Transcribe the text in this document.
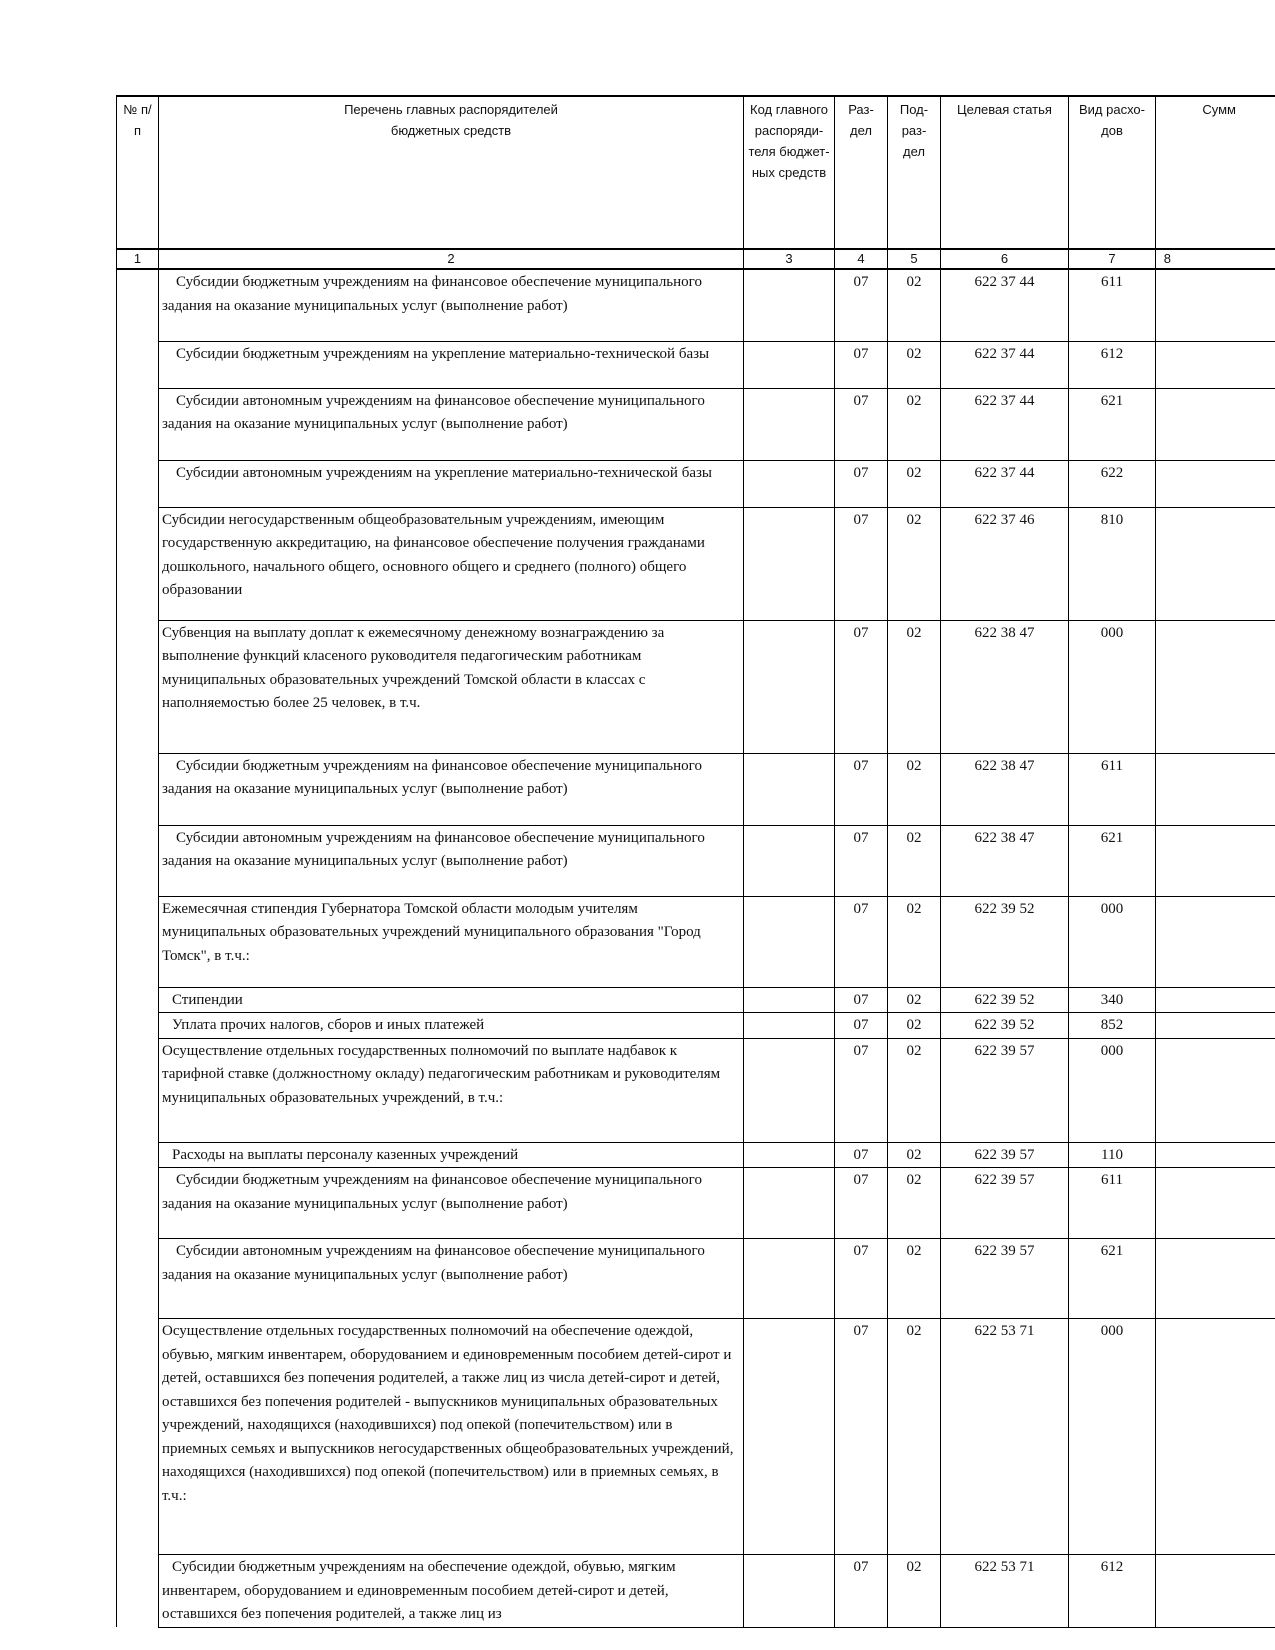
№ п/п	Перечень главных распорядителей бюджетных средств	Код главного распоряди-теля бюджет-ных средств	Раз-дел	Под-раз-дел	Целевая статья	Вид расхо-дов	Сумм

1	2	3	4	5	6	7	8
	Субсидии бюджетным учреждениям на финансовое обеспечение муниципального задания на оказание муниципальных услуг (выполнение работ)		07	02	622 37 44	611	
	Субсидии бюджетным учреждениям на укрепление материально-технической базы		07	02	622 37 44	612	
	Субсидии автономным учреждениям на финансовое обеспечение муниципального задания на оказание муниципальных услуг (выполнение работ)		07	02	622 37 44	621	
	Субсидии автономным учреждениям на укрепление материально-технической базы		07	02	622 37 44	622	
	Субсидии негосударственным общеобразовательным учреждениям, имеющим государственную аккредитацию, на финансовое обеспечение получения гражданами дошкольного, начального общего, основного общего и среднего (полного) общего образовании		07	02	622 37 46	810	
	Субвенция на выплату доплат к ежемесячному денежному вознаграждению за выполнение функций класеного руководителя педагогическим работникам муниципальных образовательных учреждений Томской области в классах с наполняемостью более 25 человек, в т.ч.		07	02	622 38 47	000	
	Субсидии бюджетным учреждениям на финансовое обеспечение муниципального задания на оказание муниципальных услуг (выполнение работ)		07	02	622 38 47	611	
	Субсидии автономным учреждениям на финансовое обеспечение муниципального задания на оказание муниципальных услуг (выполнение работ)		07	02	622 38 47	621	
	Ежемесячная стипендия Губернатора Томской области молодым учителям муниципальных образовательных учреждений муниципального образования "Город Томск", в т.ч.:		07	02	622 39 52	000	
	Стипендии		07	02	622 39 52	340	
	Уплата прочих налогов, сборов и иных платежей		07	02	622 39 52	852	
	Осуществление отдельных государственных полномочий по выплате надбавок к тарифной ставке (должностному окладу) педагогическим работникам и руководителям муниципальных образовательных учреждений, в т.ч.:		07	02	622 39 57	000	
	Расходы на выплаты персоналу казенных учреждений		07	02	622 39 57	110	
	Субсидии бюджетным учреждениям на финансовое обеспечение муниципального задания на оказание муниципальных услуг (выполнение работ)		07	02	622 39 57	611	
	Субсидии автономным учреждениям на финансовое обеспечение муниципального задания на оказание муниципальных услуг (выполнение работ)		07	02	622 39 57	621	
	Осуществление отдельных государственных полномочий на обеспечение одеждой, обувью, мягким инвентарем, оборудованием и единовременным пособием детей-сирот и детей, оставшихся без попечения родителей, а также лиц из числа детей-сирот и детей, оставшихся без попечения родителей - выпускников муниципальных образовательных учреждений, находящихся (находившихся) под опекой (попечительством) или в приемных семьях и выпускников негосударственных общеобразовательных учреждений, находящихся (находившихся) под опекой (попечительством) или в приемных семьях, в т.ч.:		07	02	622 53 71	000	
	Субсидии бюджетным учреждениям на обеспечение одеждой, обувью, мягким инвентарем, оборудованием и единовременным пособием детей-сирот и детей, оставшихся без попечения родителей, а также лиц из		07	02	622 53 71	612	
